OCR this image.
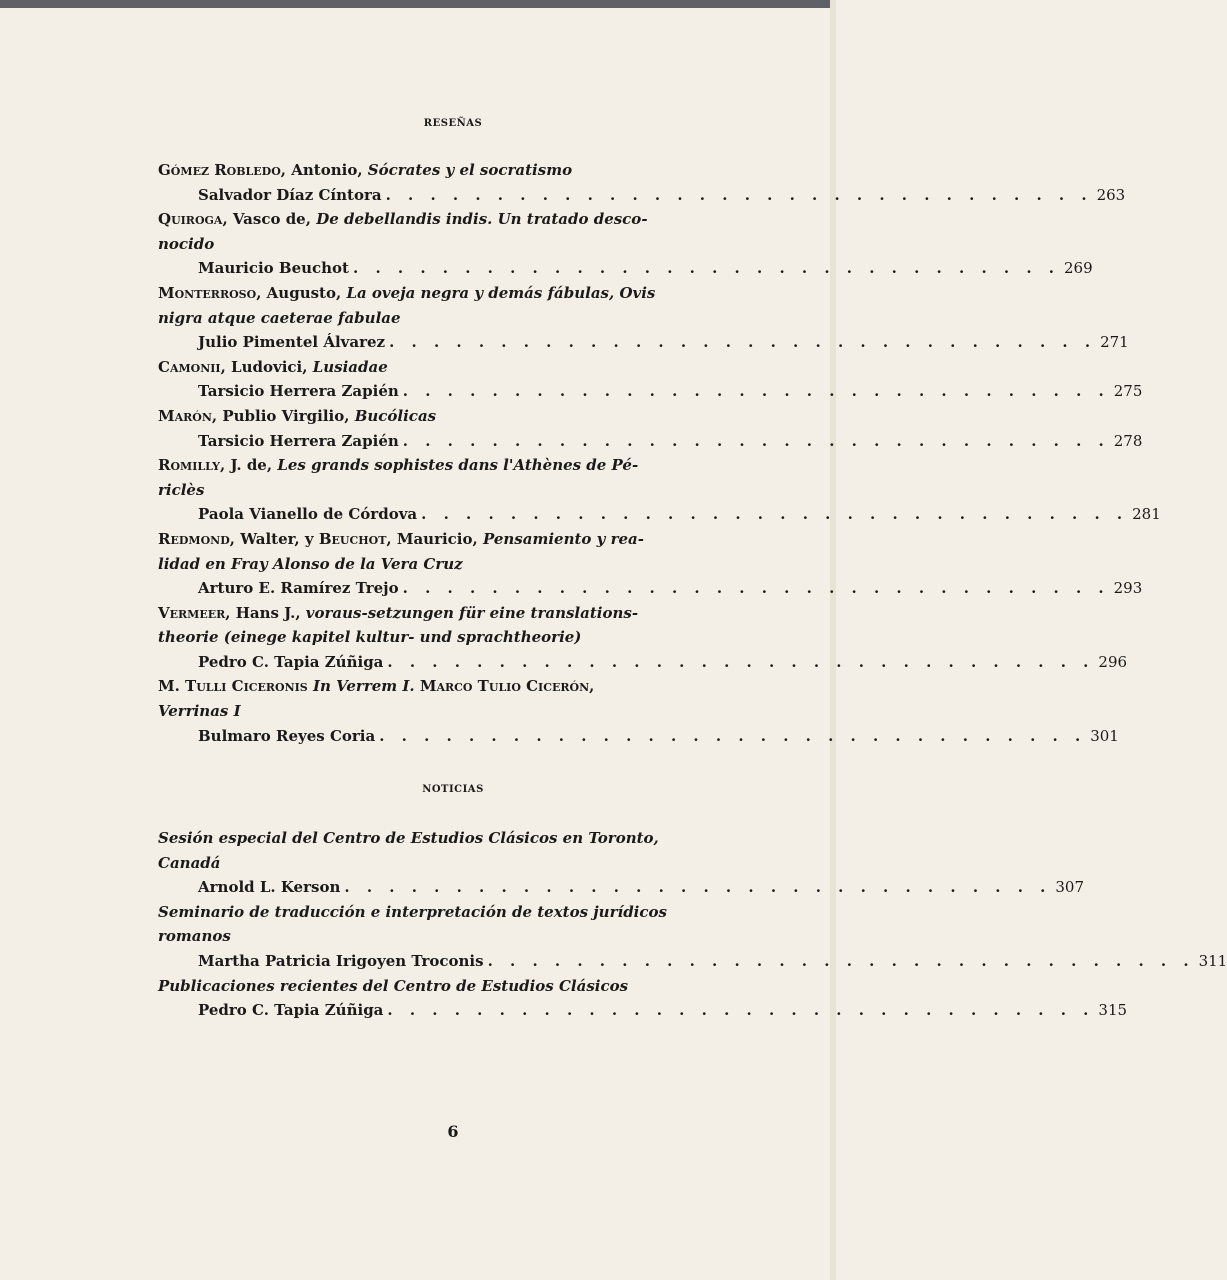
RESEÑAS
Gómez Robledo, Antonio, Sócrates y el socratismo
Salvador Díaz Cíntora . . . . . . . . . . . . . . . . . . . . . . . . . . . . . . . . 263
Quiroga, Vasco de, De debellandis indis. Un tratado desco-
nocido
Mauricio Beuchot . . . . . . . . . . . . . . . . . . . . . . . . . . . . . . . . 269
Monterroso, Augusto, La oveja negra y demás fábulas, Ovis
nigra atque caeterae fabulae
Julio Pimentel Álvarez . . . . . . . . . . . . . . . . . . . . . . . . . . . . . . . . 271
Camonii, Ludovici, Lusiadae
Tarsicio Herrera Zapién . . . . . . . . . . . . . . . . . . . . . . . . . . . . . . . . 275
Marón, Publio Virgilio, Bucólicas
Tarsicio Herrera Zapién . . . . . . . . . . . . . . . . . . . . . . . . . . . . . . . . 278
Romilly, J. de, Les grands sophistes dans l'Athènes de Pé-
riclès
Paola Vianello de Córdova . . . . . . . . . . . . . . . . . . . . . . . . . . . . . . . . 281
Redmond, Walter, y Beuchot, Mauricio, Pensamiento y rea-
lidad en Fray Alonso de la Vera Cruz
Arturo E. Ramírez Trejo . . . . . . . . . . . . . . . . . . . . . . . . . . . . . . . . 293
Vermeer, Hans J., voraus-setzungen für eine translations-
theorie (einege kapitel kultur- und sprachtheorie)
Pedro C. Tapia Zúñiga . . . . . . . . . . . . . . . . . . . . . . . . . . . . . . . . 296
M. Tulli Ciceronis In Verrem I. Marco Tulio Cicerón,
Verrinas I
Bulmaro Reyes Coria . . . . . . . . . . . . . . . . . . . . . . . . . . . . . . . . 301
NOTICIAS
Sesión especial del Centro de Estudios Clásicos en Toronto,
Canadá
Arnold L. Kerson . . . . . . . . . . . . . . . . . . . . . . . . . . . . . . . . 307
Seminario de traducción e interpretación de textos jurídicos
romanos
Martha Patricia Irigoyen Troconis . . . . . . . . . . . . . . . . . . . . . . . . . . . . . . . . 311
Publicaciones recientes del Centro de Estudios Clásicos
Pedro C. Tapia Zúñiga . . . . . . . . . . . . . . . . . . . . . . . . . . . . . . . . 315
6
